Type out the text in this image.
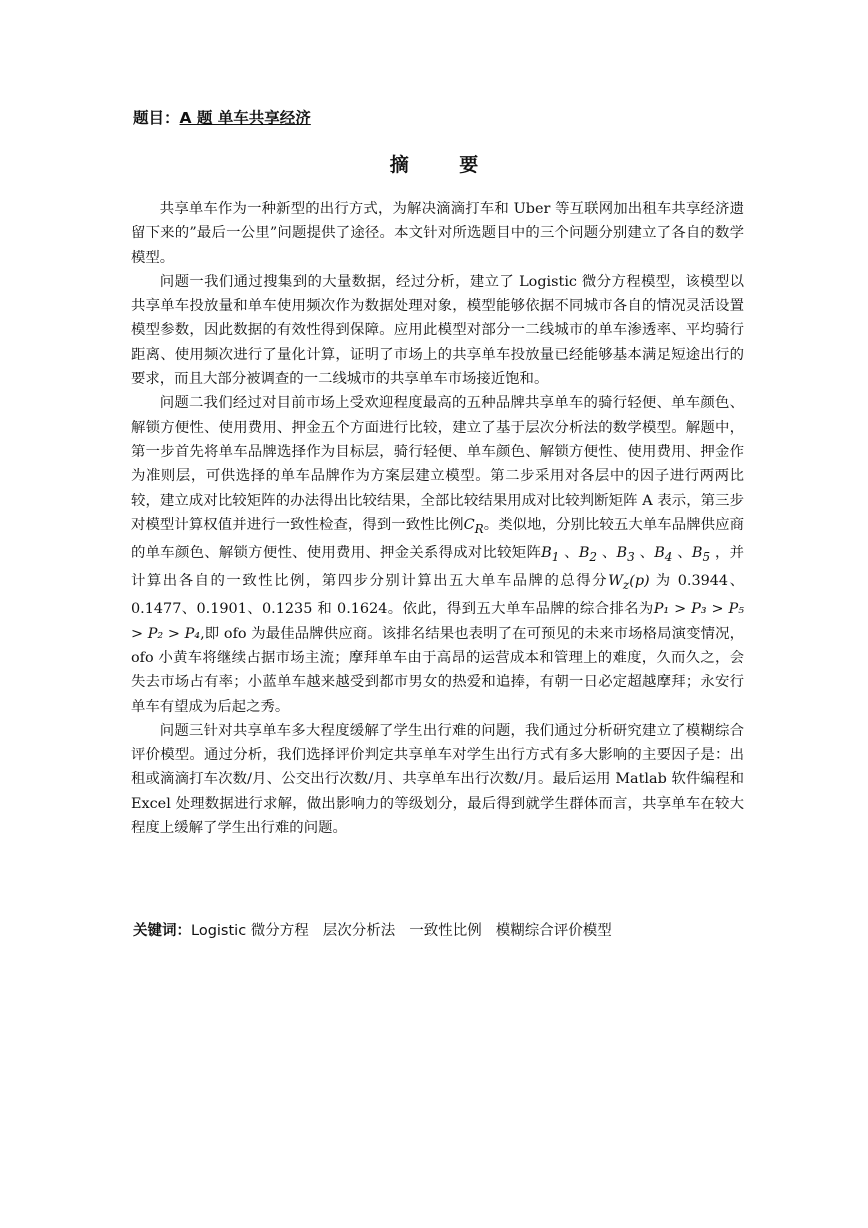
题目：A 题 单车共享经济
摘 要

共享单车作为一种新型的出行方式，为解决滴滴打车和 Uber 等互联网加出租车共享经济遗留下来的”最后一公里”问题提供了途径。本文针对所选题目中的三个问题分别建立了各自的数学模型。

问题一我们通过搜集到的大量数据，经过分析，建立了 Logistic 微分方程模型，该模型以共享单车投放量和单车使用频次作为数据处理对象，模型能够依据不同城市各自的情况灵活设置模型参数，因此数据的有效性得到保障。应用此模型对部分一二线城市的单车渗透率、平均骑行距离、使用频次进行了量化计算，证明了市场上的共享单车投放量已经能够基本满足短途出行的要求，而且大部分被调查的一二线城市的共享单车市场接近饱和。

问题二我们经过对目前市场上受欢迎程度最高的五种品牌共享单车的骑行轻便、单车颜色、解锁方便性、使用费用、押金五个方面进行比较，建立了基于层次分析法的数学模型。解题中，第一步首先将单车品牌选择作为目标层，骑行轻便、单车颜色、解锁方便性、使用费用、押金作为准则层，可供选择的单车品牌作为方案层建立模型。第二步采用对各层中的因子进行两两比较，建立成对比较矩阵的办法得出比较结果，全部比较结果用成对比较判断矩阵 A 表示，第三步对模型计算权值并进行一致性检查，得到一致性比例$C_R$。类似地，分别比较五大单车品牌供应商的单车颜色、解锁方便性、使用费用、押金关系得成对比较矩阵$B_1$ 、$B_2$ 、$B_3$ 、$B_4$ 、$B_5$ ，并计算出各自的一致性比例，第四步分别计算出五大单车品牌的总得分$W_z(p)$ 为 0.3944、0.1477、0.1901、0.1235 和 0.1624。依此，得到五大单车品牌的综合排名为P₁ > P₃ > P₅ > P₂ > P₄,即 ofo 为最佳品牌供应商。该排名结果也表明了在可预见的未来市场格局演变情况，ofo 小黄车将继续占据市场主流；摩拜单车由于高昂的运营成本和管理上的难度，久而久之，会失去市场占有率；小蓝单车越来越受到都市男女的热爱和追捧，有朝一日必定超越摩拜；永安行单车有望成为后起之秀。

问题三针对共享单车多大程度缓解了学生出行难的问题，我们通过分析研究建立了模糊综合评价模型。通过分析，我们选择评价判定共享单车对学生出行方式有多大影响的主要因子是：出租或滴滴打车次数/月、公交出行次数/月、共享单车出行次数/月。最后运用 Matlab 软件编程和 Excel 处理数据进行求解，做出影响力的等级划分，最后得到就学生群体而言，共享单车在较大程度上缓解了学生出行难的问题。

关键词：Logistic 微分方程 层次分析法 一致性比例 模糊综合评价模型
